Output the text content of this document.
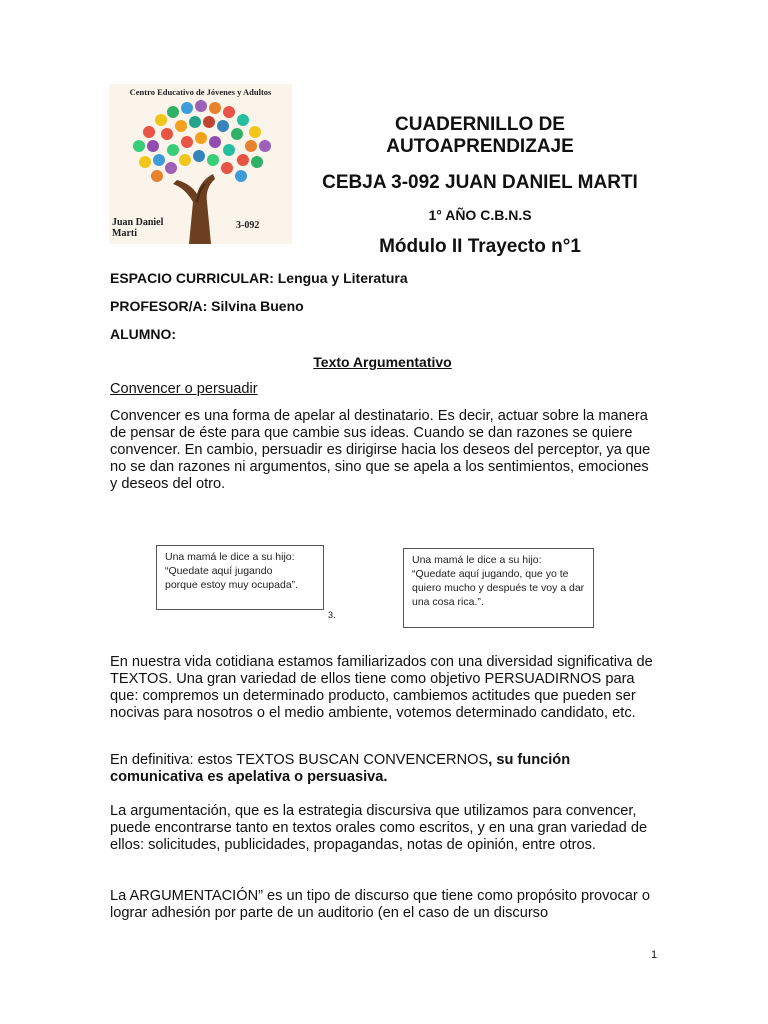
Centro Educativo de Jóvenes y Adultos
Juan Daniel
Marti
3-092
CUADERNILLO DE
AUTOAPRENDIZAJE
CEBJA 3-092 JUAN DANIEL MARTI
1° AÑO C.B.N.S
Módulo II Trayecto n°1
ESPACIO CURRICULAR: Lengua y Literatura
PROFESOR/A: Silvina Bueno
ALUMNO:
Texto Argumentativo
Convencer o persuadir
Convencer es una forma de apelar al destinatario. Es decir, actuar sobre la manera de pensar de éste para que cambie sus ideas. Cuando se dan razones se quiere convencer. En cambio, persuadir es dirigirse hacia los deseos del perceptor, ya que no se dan razones ni argumentos, sino que se apela a los sentimientos, emociones y deseos del otro.
Una mamá le dice a su hijo:
“Quedate aquí jugando
porque estoy muy ocupada”.
3.
Una mamá le dice a su hijo:
“Quedate aquí jugando, que yo te
quiero mucho y después te voy a dar
una cosa rica.”.
En nuestra vida cotidiana estamos familiarizados con una diversidad significativa de TEXTOS. Una gran variedad de ellos tiene como objetivo PERSUADIRNOS para que: compremos un determinado producto, cambiemos actitudes que pueden ser nocivas para nosotros o el medio ambiente, votemos determinado candidato, etc.
En definitiva: estos TEXTOS BUSCAN CONVENCERNOS, su función comunicativa es apelativa o persuasiva.
La argumentación, que es la estrategia discursiva que utilizamos para convencer, puede encontrarse tanto en textos orales como escritos, y en una gran variedad de ellos: solicitudes, publicidades, propagandas, notas de opinión, entre otros.
La ARGUMENTACIÓN” es un tipo de discurso que tiene como propósito provocar o lograr adhesión por parte de un auditorio (en el caso de un discurso
1
